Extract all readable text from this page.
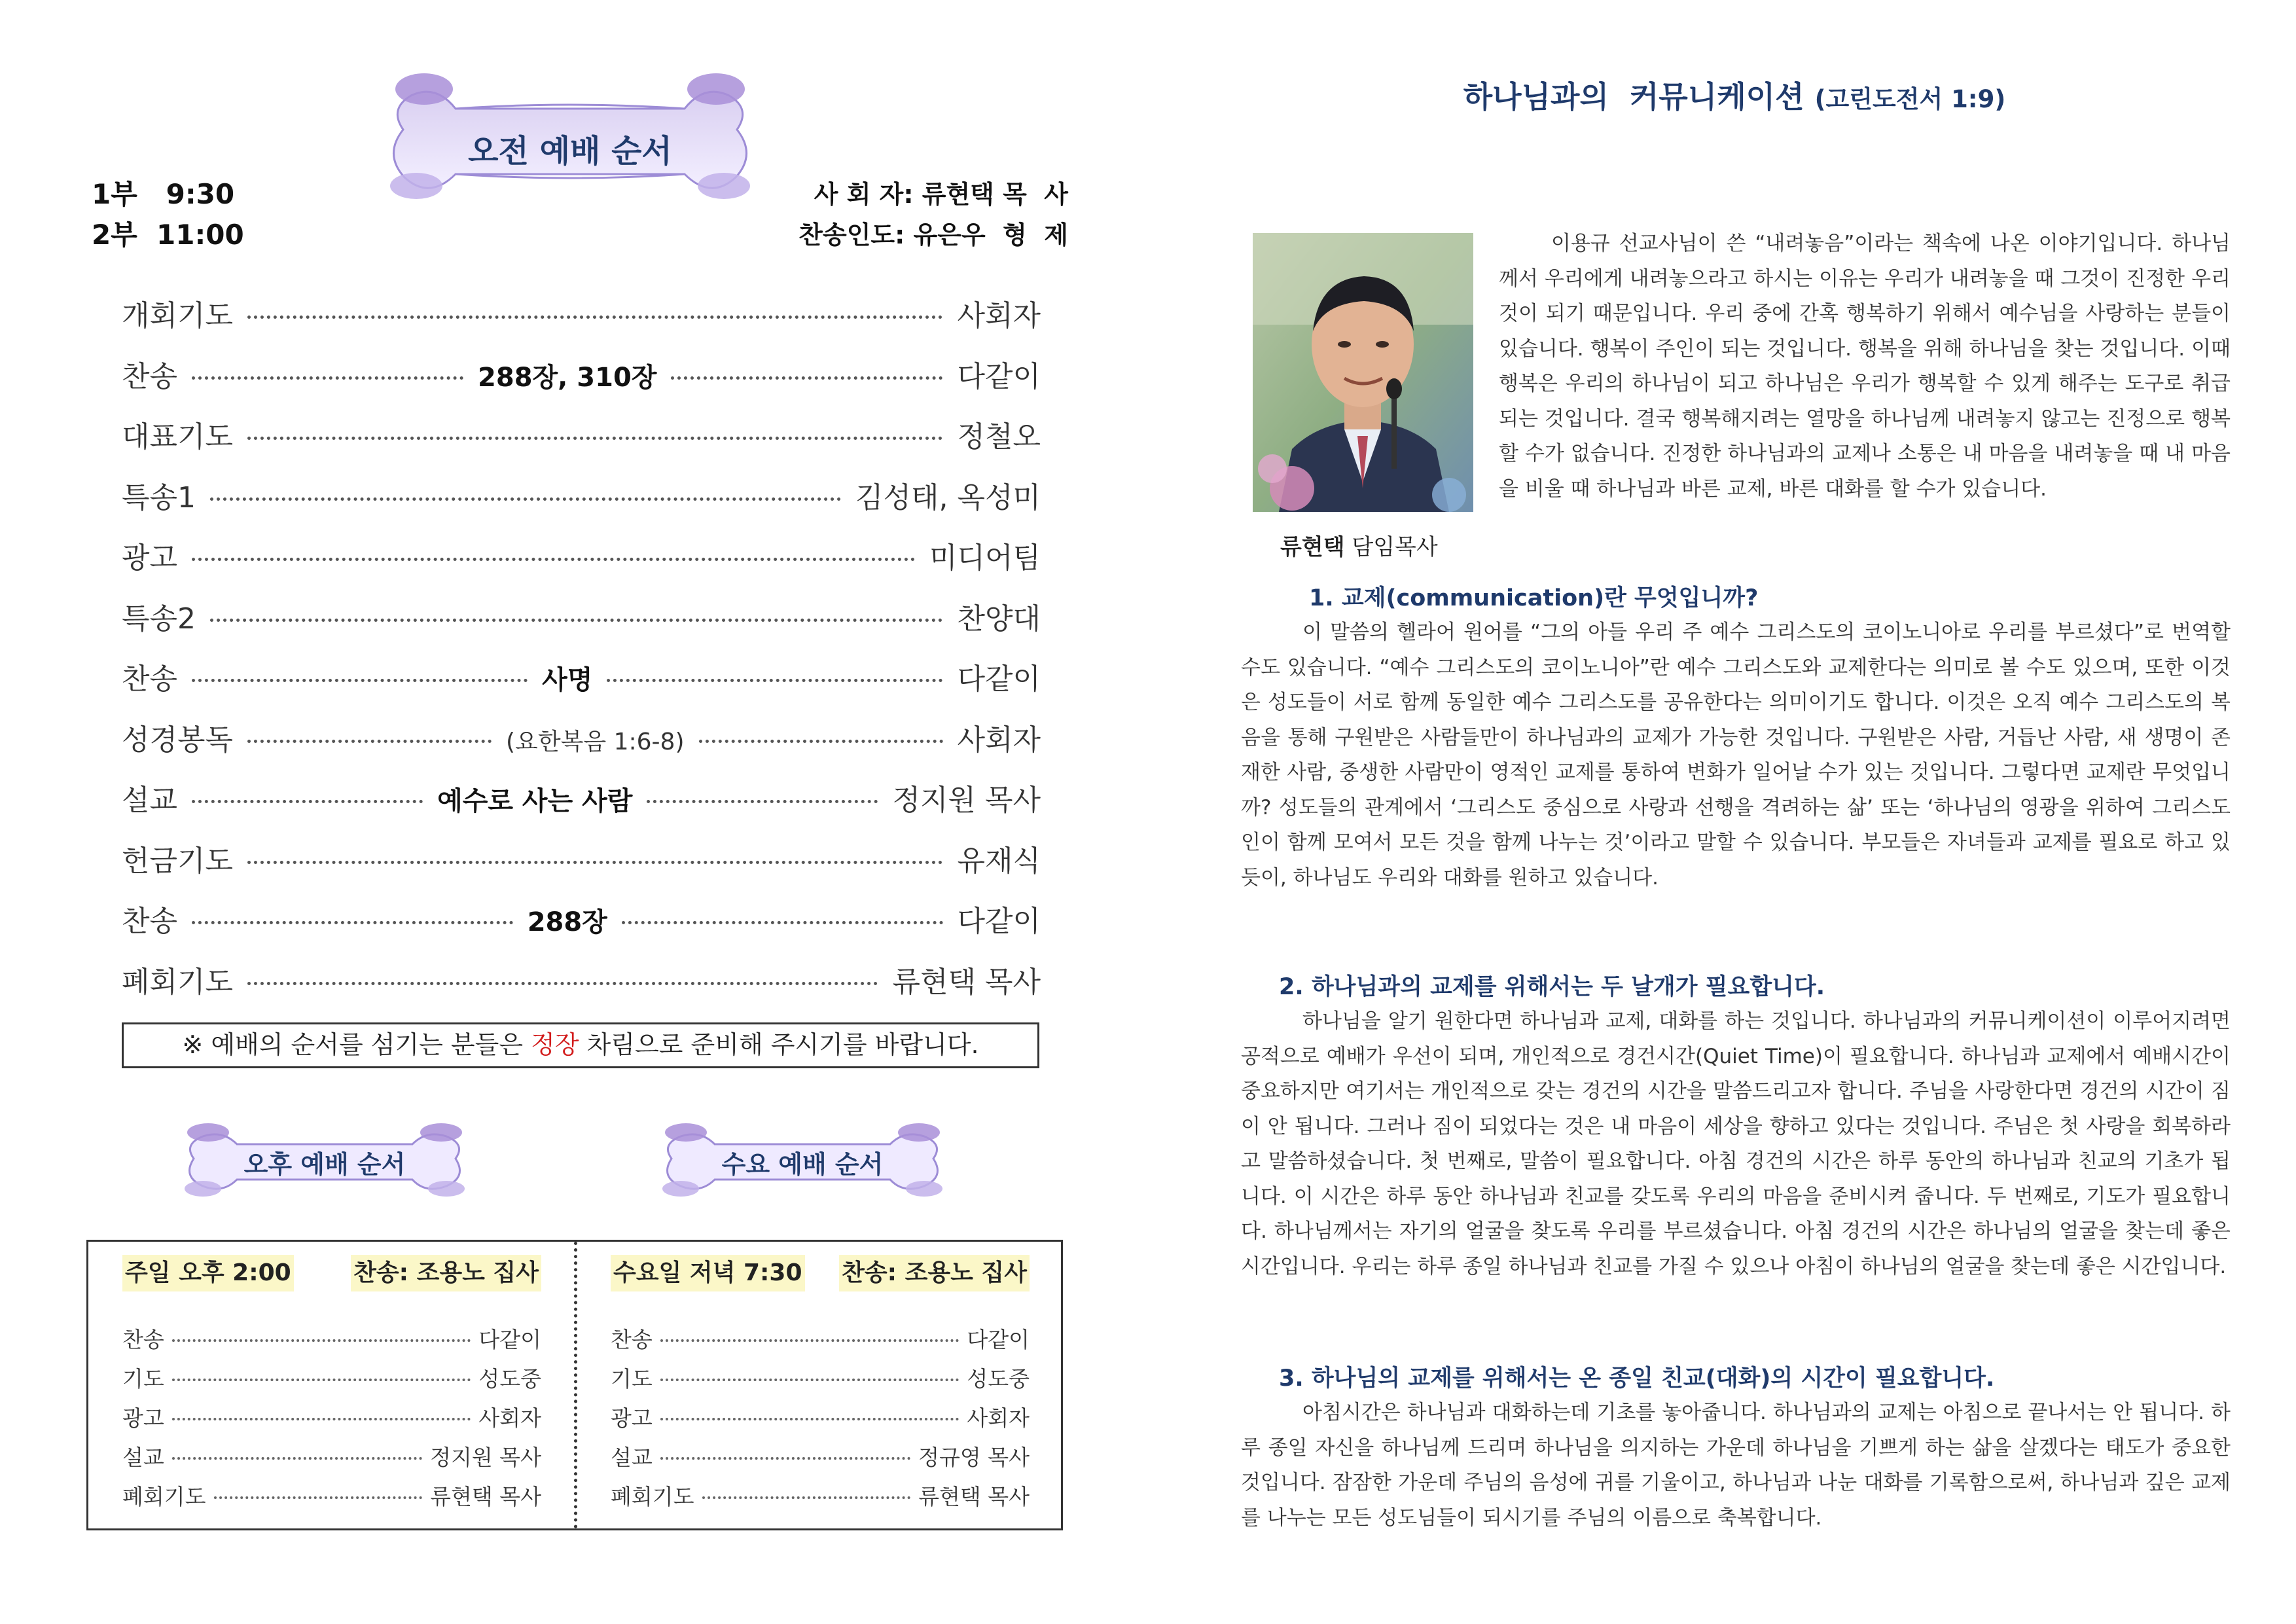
오전 예배 순서
1부   9:30
2부  11:00
사 회 자: 류현택 목  사
찬송인도: 유은우  형  제
개회기도	사회자
찬송	288장, 310장	다같이
대표기도	정철오
특송1	김성태, 옥성미
광고	미디어팀
특송2	찬양대
찬송	사명	다같이
성경봉독	(요한복음 1:6-8)	사회자
설교	예수로 사는 사람	정지원 목사
헌금기도	유재식
찬송	288장	다같이
폐회기도	류현택 목사
※ 예배의 순서를 섬기는 분들은 정장 차림으로 준비해 주시기를 바랍니다.
오후 예배 순서	수요 예배 순서
주일 오후 2:00	찬송: 조용노 집사
찬송	다같이
기도	성도중
광고	사회자
설교	정지원 목사
폐회기도	류현택 목사
수요일 저녁 7:30 찬송: 조용노 집사
찬송	다같이
기도	성도중
광고	사회자
설교	정규영 목사
폐회기도	류현택 목사
하나님과의  커뮤니케이션 (고린도전서 1:9)
류현택 담임목사

이용규 선교사님이 쓴 “내려놓음”이라는 책속에 나온 이야기입니다. 하나님께서 우리에게 내려놓으라고 하시는 이유는 우리가 내려놓을 때 그것이 진정한 우리 것이 되기 때문입니다. 우리 중에 간혹 행복하기 위해서 예수님을 사랑하는 분들이 있습니다. 행복이 주인이 되는 것입니다. 행복을 위해 하나님을 찾는 것입니다. 이때 행복은 우리의 하나님이 되고 하나님은 우리가 행복할 수 있게 해주는 도구로 취급되는 것입니다. 결국 행복해지려는 열망을 하나님께 내려놓지 않고는 진정으로 행복할 수가 없습니다. 진정한 하나님과의 교제나 소통은 내 마음을 내려놓을 때 내 마음을 비울 때 하나님과 바른 교제, 바른 대화를 할 수가 있습니다.

1. 교제(communication)란 무엇입니까?

이 말씀의 헬라어 원어를 “그의 아들 우리 주 예수 그리스도의 코이노니아로 우리를 부르셨다”로 번역할 수도 있습니다. “예수 그리스도의 코이노니아”란 예수 그리스도와 교제한다는 의미로 볼 수도 있으며, 또한 이것은 성도들이 서로 함께 동일한 예수 그리스도를 공유한다는 의미이기도 합니다. 이것은 오직 예수 그리스도의 복음을 통해 구원받은 사람들만이 하나님과의 교제가 가능한 것입니다. 구원받은 사람, 거듭난 사람, 새 생명이 존재한 사람, 중생한 사람만이 영적인 교제를 통하여 변화가 일어날 수가 있는 것입니다. 그렇다면 교제란 무엇입니까? 성도들의 관계에서 ‘그리스도 중심으로 사랑과 선행을 격려하는 삶’ 또는 ‘하나님의 영광을 위하여 그리스도인이 함께 모여서 모든 것을 함께 나누는 것’이라고 말할 수 있습니다. 부모들은 자녀들과 교제를 필요로 하고 있듯이, 하나님도 우리와 대화를 원하고 있습니다.

2. 하나님과의 교제를 위해서는 두 날개가 필요합니다.

하나님을 알기 원한다면 하나님과 교제, 대화를 하는 것입니다. 하나님과의 커뮤니케이션이 이루어지려면 공적으로 예배가 우선이 되며, 개인적으로 경건시간(Quiet Time)이 필요합니다. 하나님과 교제에서 예배시간이 중요하지만 여기서는 개인적으로 갖는 경건의 시간을 말씀드리고자 합니다. 주님을 사랑한다면 경건의 시간이 짐이 안 됩니다. 그러나 짐이 되었다는 것은 내 마음이 세상을 향하고 있다는 것입니다. 주님은 첫 사랑을 회복하라고 말씀하셨습니다. 첫 번째로, 말씀이 필요합니다. 아침 경건의 시간은 하루 동안의 하나님과 친교의 기초가 됩니다. 이 시간은 하루 동안 하나님과 친교를 갖도록 우리의 마음을 준비시켜 줍니다. 두 번째로, 기도가 필요합니다. 하나님께서는 자기의 얼굴을 찾도록 우리를 부르셨습니다. 아침 경건의 시간은 하나님의 얼굴을 찾는데 좋은 시간입니다. 우리는 하루 종일 하나님과 친교를 가질 수 있으나 아침이 하나님의 얼굴을 찾는데 좋은 시간입니다.

3. 하나님의 교제를 위해서는 온 종일 친교(대화)의 시간이 필요합니다.

아침시간은 하나님과 대화하는데 기초를 놓아줍니다. 하나님과의 교제는 아침으로 끝나서는 안 됩니다. 하루 종일 자신을 하나님께 드리며 하나님을 의지하는 가운데 하나님을 기쁘게 하는 삶을 살겠다는 태도가 중요한 것입니다. 잠잠한 가운데 주님의 음성에 귀를 기울이고, 하나님과 나눈 대화를 기록함으로써, 하나님과 깊은 교제를 나누는 모든 성도님들이 되시기를 주님의 이름으로 축복합니다.
